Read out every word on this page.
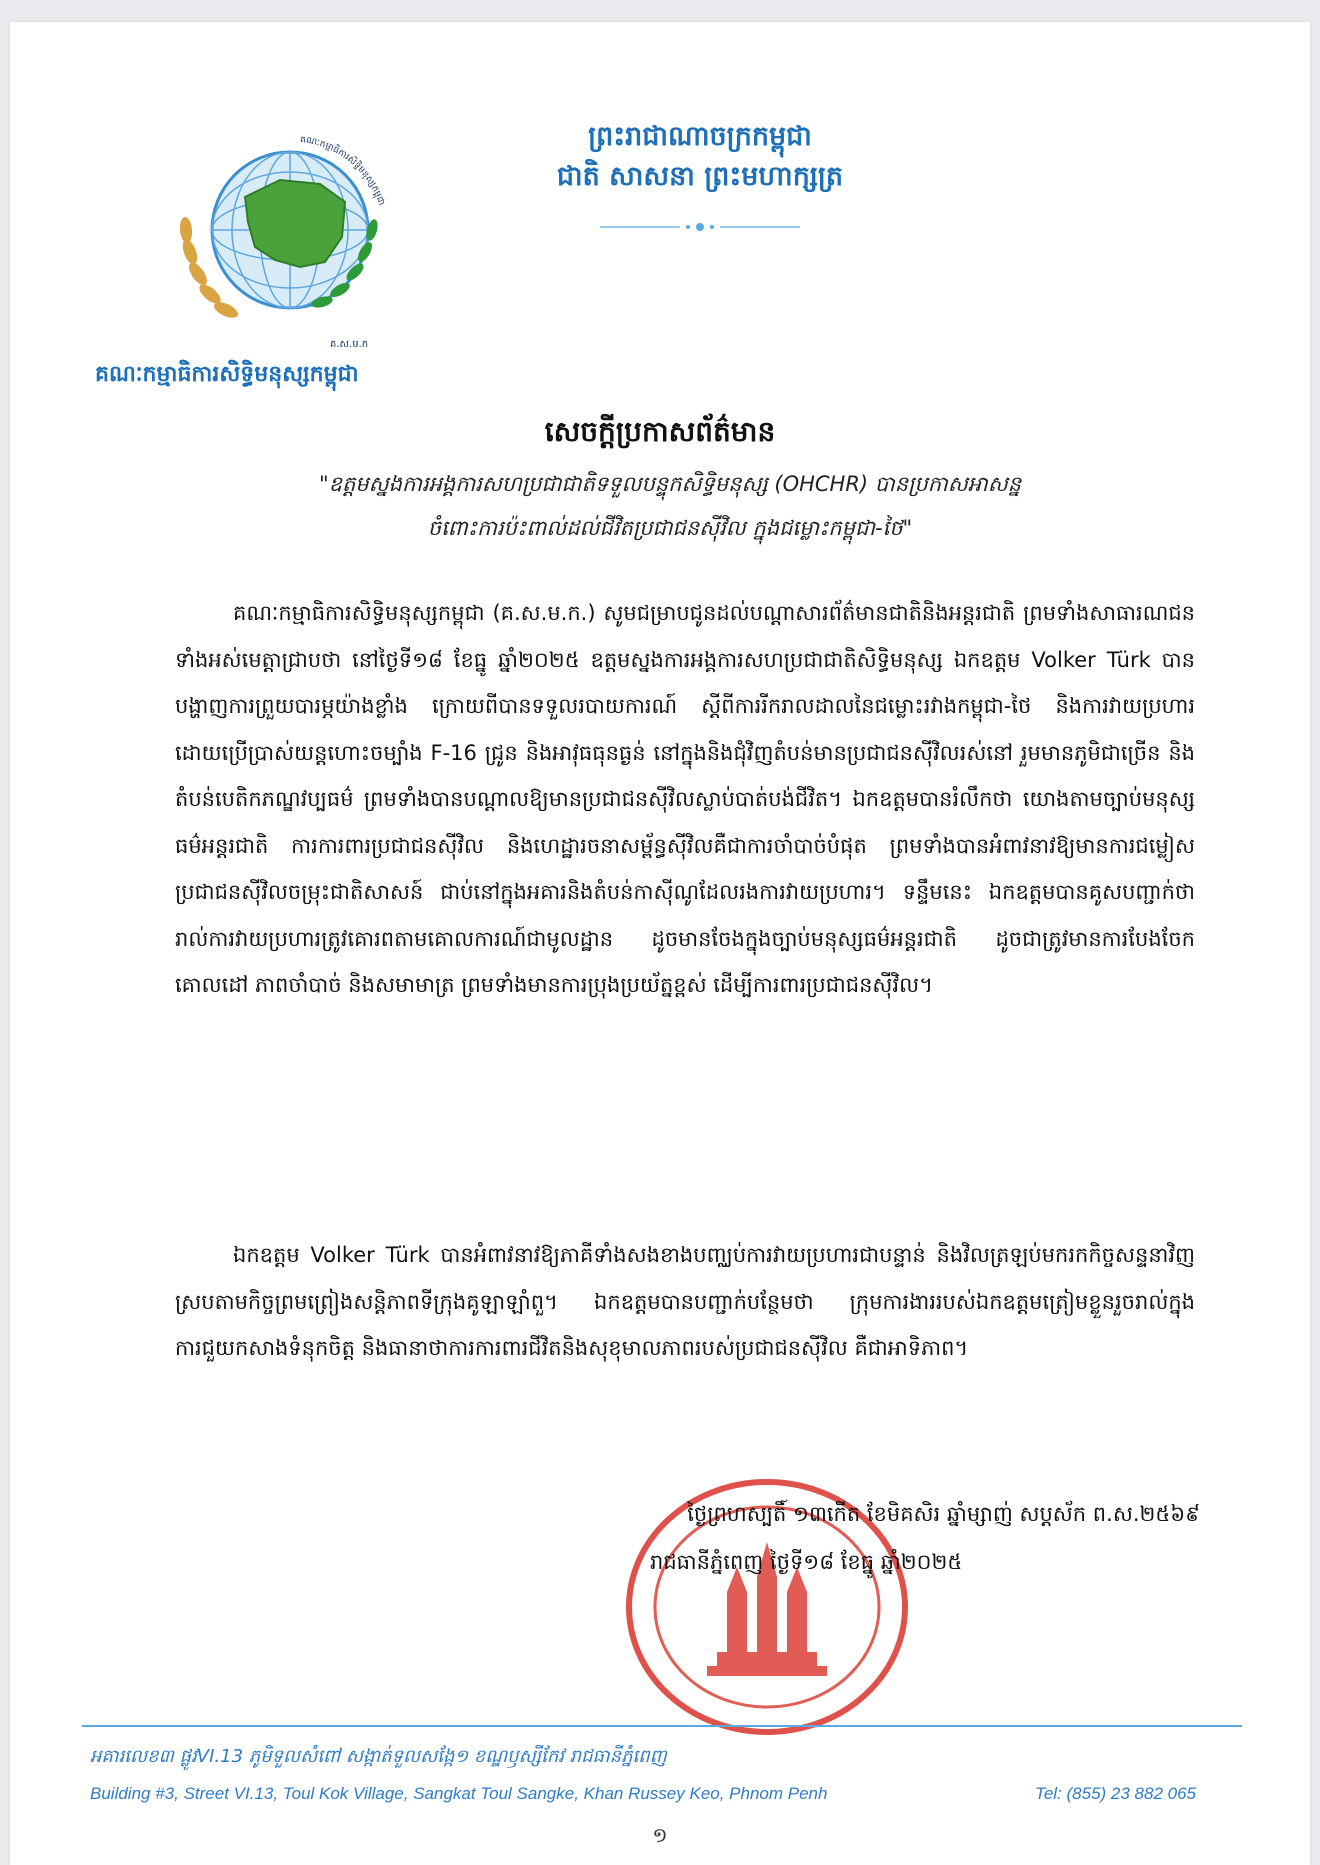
គណៈកម្មាធិការសិទ្ធិមនុស្សកម្ពុជា
គ.ស.ម.ក
គណៈកម្មាធិការសិទ្ធិមនុស្សកម្ពុជា
ព្រះរាជាណាចក្រកម្ពុជា
ជាតិ សាសនា ព្រះមហាក្សត្រ
សេចក្តីប្រកាសព័ត៌មាន
"ឧត្តមស្នងការអង្គការសហប្រជាជាតិទទួលបន្ទុកសិទ្ធិមនុស្ស (OHCHR) បានប្រកាសអាសន្ន
ចំពោះការប៉ះពាល់ដល់ជីវិតប្រជាជនស៊ីវិល ក្នុងជម្លោះកម្ពុជា-ថៃ"

គណៈកម្មាធិការសិទ្ធិមនុស្សកម្ពុជា (គ.ស.ម.ក.) សូមជម្រាបជូនដល់បណ្តាសារព័ត៌មានជាតិនិងអន្តរជាតិ ព្រមទាំងសាធារណជនទាំងអស់មេត្តាជ្រាបថា នៅថ្ងៃទី១៨ ខែធ្នូ ឆ្នាំ២០២៥ ឧត្តមស្នងការអង្គការសហប្រជាជាតិសិទ្ធិមនុស្ស ឯកឧត្តម Volker Türk បានបង្ហាញការព្រួយបារម្ភយ៉ាងខ្លាំង ក្រោយពីបានទទួលរបាយការណ៍ ស្តីពីការរីករាលដាលនៃជម្លោះរវាងកម្ពុជា-ថៃ និងការវាយប្រហារ ដោយប្រើប្រាស់យន្តហោះចម្បាំង F-16 ជ្រូន និងអាវុធធុនធ្ងន់ នៅក្នុងនិងជុំវិញតំបន់មានប្រជាជនស៊ីវិលរស់នៅ រួមមានភូមិជាច្រើន និងតំបន់បេតិកភណ្ឌវប្បធម៌ ព្រមទាំងបានបណ្តាលឱ្យមានប្រជាជនស៊ីវិលស្លាប់បាត់បង់ជីវិត។ ឯកឧត្តមបានរំលឹកថា យោងតាមច្បាប់មនុស្សធម៌អន្តរជាតិ ការការពារប្រជាជនស៊ីវិល និងហេដ្ឋារចនាសម្ព័ន្ធស៊ីវិលគឺជាការចាំបាច់បំផុត ព្រមទាំងបានអំពាវនាវឱ្យមានការជម្លៀសប្រជាជនស៊ីវិលចម្រុះជាតិសាសន៍ ជាប់នៅក្នុងអគារនិងតំបន់កាស៊ីណូដែលរងការវាយប្រហារ។ ទន្ទឹមនេះ ឯកឧត្តមបានគូសបញ្ជាក់ថា រាល់ការវាយប្រហារត្រូវគោរពតាមគោលការណ៍ជាមូលដ្ឋាន ដូចមានចែងក្នុងច្បាប់មនុស្សធម៌អន្តរជាតិ ដូចជាត្រូវមានការបែងចែកគោលដៅ ភាពចាំបាច់ និងសមាមាត្រ ព្រមទាំងមានការប្រុងប្រយ័ត្នខ្ពស់ ដើម្បីការពារប្រជាជនស៊ីវិល។

ឯកឧត្តម Volker Türk បានអំពាវនាវឱ្យភាគីទាំងសងខាងបញ្ឈប់ការវាយប្រហារជាបន្ទាន់ និងវិលត្រឡប់មករកកិច្ចសន្ទនាវិញ ស្របតាមកិច្ចព្រមព្រៀងសន្តិភាពទីក្រុងគូឡាឡាំពួ។ ឯកឧត្តមបានបញ្ជាក់បន្ថែមថា ក្រុមការងាររបស់ឯកឧត្តមត្រៀមខ្លួនរួចរាល់ក្នុងការជួយកសាងទំនុកចិត្ត និងធានាថាការការពារជីវិតនិងសុខុមាលភាពរបស់ប្រជាជនស៊ីវិល គឺជាអាទិភាព។

ថ្ងៃព្រហស្បតិ៍ ១៣កើត ខែមិគសិរ ឆ្នាំម្សាញ់ សប្តស័ក ព.ស.២៥៦៩
រាជធានីភ្នំពេញ ថ្ងៃទី១៨ ខែធ្នូ ឆ្នាំ២០២៥
អគារលេខ៣ ផ្លូវVI.13 ភូមិទួលសំពៅ សង្កាត់ទួលសង្កែ១ ខណ្ឌឫស្សីកែវ រាជធានីភ្នំពេញ
Building #3, Street VI.13, Toul Kok Village, Sangkat Toul Sangke, Khan Russey Keo, Phnom Penh	Tel: (855) 23 882 065
១
